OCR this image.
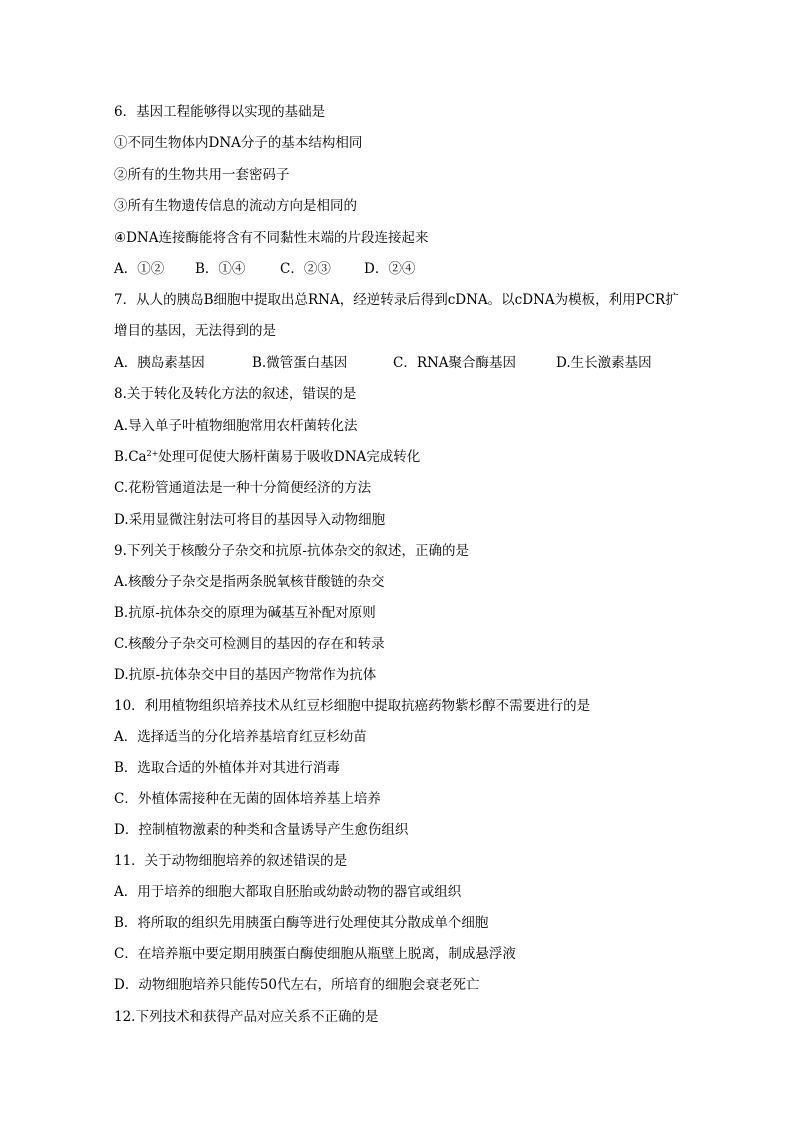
6．基因工程能够得以实现的基础是
①不同生物体内DNA分子的基本结构相同
②所有的生物共用一套密码子
③所有生物遗传信息的流动方向是相同的
④DNA连接酶能将含有不同黏性末端的片段连接起来
A．①② B．①④	C．②③ D．②④
7．从人的胰岛B细胞中提取出总RNA，经逆转录后得到cDNA。以cDNA为模板，利用PCR扩
增目的基因，无法得到的是
A．胰岛素基因	B.微管蛋白基因	C．RNA聚合酶基因	D.生长激素基因
8.关于转化及转化方法的叙述，错误的是
A.导入单子叶植物细胞常用农杆菌转化法
$B.Ca^{2+}$处理可促使大肠杆菌易于吸收DNA完成转化
C.花粉管通道法是一种十分简便经济的方法
D.采用显微注射法可将目的基因导入动物细胞
9.下列关于核酸分子杂交和抗原-抗体杂交的叙述，正确的是
A.核酸分子杂交是指两条脱氧核苷酸链的杂交
B.抗原-抗体杂交的原理为碱基互补配对原则
C.核酸分子杂交可检测目的基因的存在和转录
D.抗原-抗体杂交中目的基因产物常作为抗体
10．利用植物组织培养技术从红豆杉细胞中提取抗癌药物紫杉醇不需要进行的是
A．选择适当的分化培养基培育红豆杉幼苗
B．选取合适的外植体并对其进行消毒
C．外植体需接种在无菌的固体培养基上培养
D．控制植物激素的种类和含量诱导产生愈伤组织
11．关于动物细胞培养的叙述错误的是
A．用于培养的细胞大都取自胚胎或幼龄动物的器官或组织
B．将所取的组织先用胰蛋白酶等进行处理使其分散成单个细胞
C．在培养瓶中要定期用胰蛋白酶使细胞从瓶壁上脱离，制成悬浮液
D．动物细胞培养只能传50代左右，所培育的细胞会衰老死亡
12.下列技术和获得产品对应关系不正确的是
